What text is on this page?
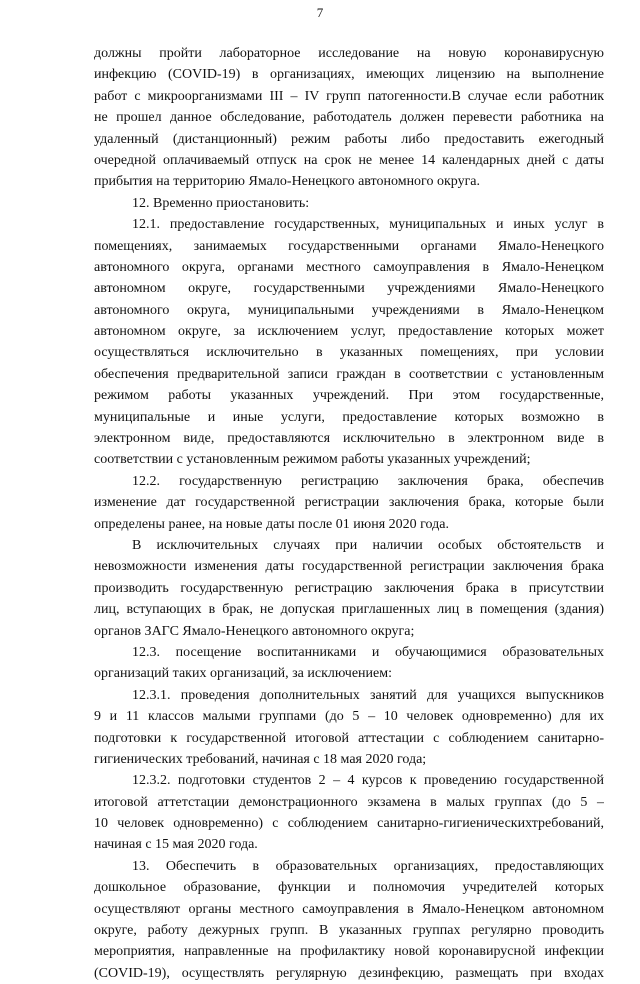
7
должны пройти лабораторное исследование на новую коронавирусную
инфекцию (COVID-19) в организациях, имеющих лицензию на выполнение
работ с микроорганизмами III – IV групп патогенности.В случае если работник
не прошел данное обследование, работодатель должен перевести работника на
удаленный (дистанционный) режим работы либо предоставить ежегодный
очередной оплачиваемый отпуск на срок не менее 14 календарных дней с даты
прибытия на территорию Ямало-Ненецкого автономного округа.
12. Временно приостановить:
12.1. предоставление государственных, муниципальных и иных услуг в
помещениях, занимаемых государственными органами Ямало-Ненецкого
автономного округа, органами местного самоуправления в Ямало-Ненецком
автономном округе, государственными учреждениями Ямало-Ненецкого
автономного округа, муниципальными учреждениями в Ямало-Ненецком
автономном округе, за исключением услуг, предоставление которых может
осуществляться исключительно в указанных помещениях, при условии
обеспечения предварительной записи граждан в соответствии с установленным
режимом работы указанных учреждений. При этом государственные,
муниципальные и иные услуги, предоставление которых возможно в
электронном виде, предоставляются исключительно в электронном виде в
соответствии с установленным режимом работы указанных учреждений;
12.2. государственную регистрацию заключения брака, обеспечив
изменение дат государственной регистрации заключения брака, которые были
определены ранее, на новые даты после 01 июня 2020 года.
В исключительных случаях при наличии особых обстоятельств и
невозможности изменения даты государственной регистрации заключения брака
производить государственную регистрацию заключения брака в присутствии
лиц, вступающих в брак, не допуская приглашенных лиц в помещения (здания)
органов ЗАГС Ямало-Ненецкого автономного округа;
12.3. посещение воспитанниками и обучающимися образовательных
организаций таких организаций, за исключением:
12.3.1. проведения дополнительных занятий для учащихся выпускников
9 и 11 классов малыми группами (до 5 – 10 человек одновременно) для их
подготовки к государственной итоговой аттестации с соблюдением санитарно-
гигиенических требований, начиная с 18 мая 2020 года;
12.3.2. подготовки студентов 2 – 4 курсов к проведению государственной
итоговой аттетстации демонстрационного экзамена в малых группах (до 5 –
10 человек одновременно) с соблюдением санитарно-гигиеническихтребований,
начиная с 15 мая 2020 года.
13. Обеспечить в образовательных организациях, предоставляющих
дошкольное образование, функции и полномочия учредителей которых
осуществляют органы местного самоуправления в Ямало-Ненецком автономном
округе, работу дежурных групп. В указанных группах регулярно проводить
мероприятия, направленные на профилактику новой коронавирусной инфекции
(COVID-19), осуществлять регулярную дезинфекцию, размещать при входах
